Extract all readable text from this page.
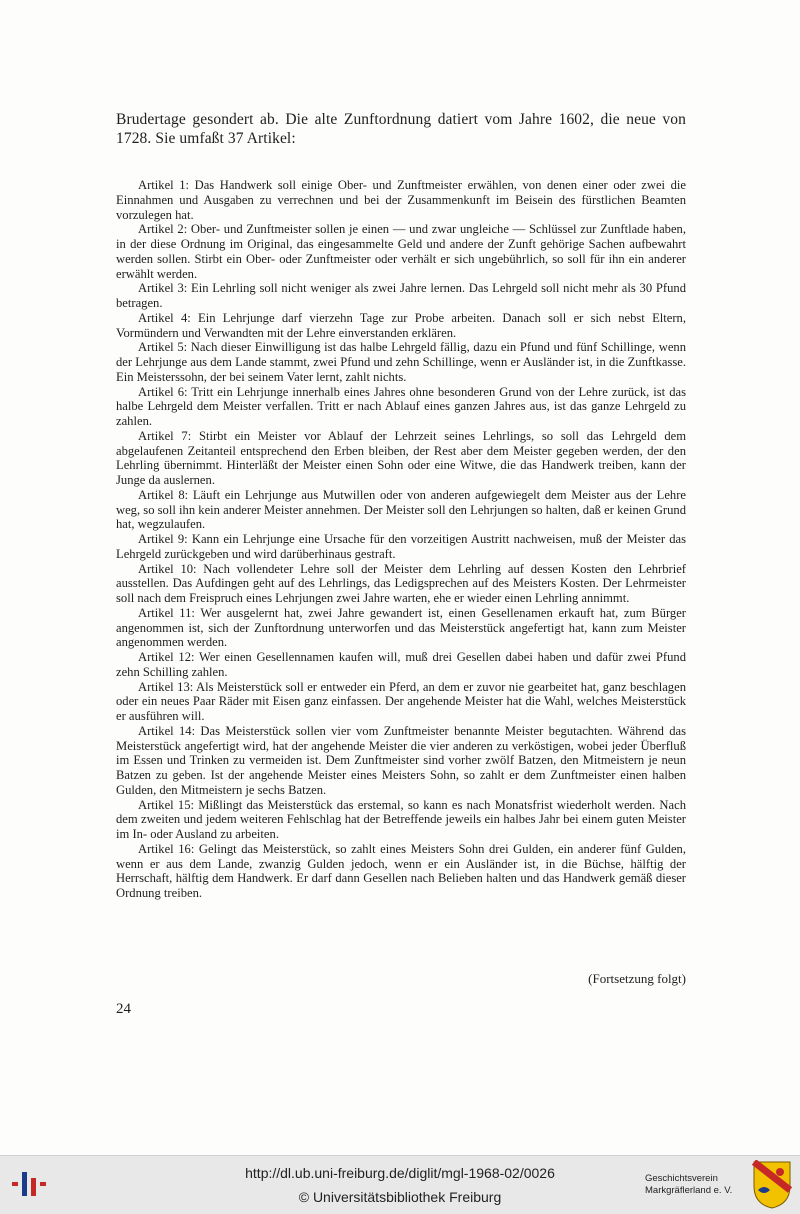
Brudertage gesondert ab. Die alte Zunftordnung datiert vom Jahre 1602, die neue von 1728. Sie umfaßt 37 Artikel:

Artikel 1: Das Handwerk soll einige Ober- und Zunftmeister erwählen, von denen einer oder zwei die Einnahmen und Ausgaben zu verrechnen und bei der Zusammenkunft im Beisein des fürstlichen Beamten vorzulegen hat.

Artikel 2: Ober- und Zunftmeister sollen je einen — und zwar ungleiche — Schlüssel zur Zunftlade haben, in der diese Ordnung im Original, das eingesammelte Geld und andere der Zunft gehörige Sachen aufbewahrt werden sollen. Stirbt ein Ober- oder Zunftmeister oder verhält er sich ungebührlich, so soll für ihn ein anderer erwählt werden.

Artikel 3: Ein Lehrling soll nicht weniger als zwei Jahre lernen. Das Lehrgeld soll nicht mehr als 30 Pfund betragen.

Artikel 4: Ein Lehrjunge darf vierzehn Tage zur Probe arbeiten. Danach soll er sich nebst Eltern, Vormündern und Verwandten mit der Lehre einverstanden erklären.

Artikel 5: Nach dieser Einwilligung ist das halbe Lehrgeld fällig, dazu ein Pfund und fünf Schillinge, wenn der Lehrjunge aus dem Lande stammt, zwei Pfund und zehn Schillinge, wenn er Ausländer ist, in die Zunftkasse. Ein Meisterssohn, der bei seinem Vater lernt, zahlt nichts.

Artikel 6: Tritt ein Lehrjunge innerhalb eines Jahres ohne besonderen Grund von der Lehre zurück, ist das halbe Lehrgeld dem Meister verfallen. Tritt er nach Ablauf eines ganzen Jahres aus, ist das ganze Lehrgeld zu zahlen.

Artikel 7: Stirbt ein Meister vor Ablauf der Lehrzeit seines Lehrlings, so soll das Lehrgeld dem abgelaufenen Zeitanteil entsprechend den Erben bleiben, der Rest aber dem Meister gegeben werden, der den Lehrling übernimmt. Hinterläßt der Meister einen Sohn oder eine Witwe, die das Handwerk treiben, kann der Junge da auslernen.

Artikel 8: Läuft ein Lehrjunge aus Mutwillen oder von anderen aufgewiegelt dem Meister aus der Lehre weg, so soll ihn kein anderer Meister annehmen. Der Meister soll den Lehrjungen so halten, daß er keinen Grund hat, wegzulaufen.

Artikel 9: Kann ein Lehrjunge eine Ursache für den vorzeitigen Austritt nachweisen, muß der Meister das Lehrgeld zurückgeben und wird darüberhinaus gestraft.

Artikel 10: Nach vollendeter Lehre soll der Meister dem Lehrling auf dessen Kosten den Lehrbrief ausstellen. Das Aufdingen geht auf des Lehrlings, das Ledigsprechen auf des Meisters Kosten. Der Lehrmeister soll nach dem Freispruch eines Lehrjungen zwei Jahre warten, ehe er wieder einen Lehrling annimmt.

Artikel 11: Wer ausgelernt hat, zwei Jahre gewandert ist, einen Gesellenamen erkauft hat, zum Bürger angenommen ist, sich der Zunftordnung unterworfen und das Meisterstück angefertigt hat, kann zum Meister angenommen werden.

Artikel 12: Wer einen Gesellennamen kaufen will, muß drei Gesellen dabei haben und dafür zwei Pfund zehn Schilling zahlen.

Artikel 13: Als Meisterstück soll er entweder ein Pferd, an dem er zuvor nie gearbeitet hat, ganz beschlagen oder ein neues Paar Räder mit Eisen ganz einfassen. Der angehende Meister hat die Wahl, welches Meisterstück er ausführen will.

Artikel 14: Das Meisterstück sollen vier vom Zunftmeister benannte Meister begutachten. Während das Meisterstück angefertigt wird, hat der angehende Meister die vier anderen zu verköstigen, wobei jeder Überfluß im Essen und Trinken zu vermeiden ist. Dem Zunftmeister sind vorher zwölf Batzen, den Mitmeistern je neun Batzen zu geben. Ist der angehende Meister eines Meisters Sohn, so zahlt er dem Zunftmeister einen halben Gulden, den Mitmeistern je sechs Batzen.

Artikel 15: Mißlingt das Meisterstück das erstemal, so kann es nach Monatsfrist wiederholt werden. Nach dem zweiten und jedem weiteren Fehlschlag hat der Betreffende jeweils ein halbes Jahr bei einem guten Meister im In- oder Ausland zu arbeiten.

Artikel 16: Gelingt das Meisterstück, so zahlt eines Meisters Sohn drei Gulden, ein anderer fünf Gulden, wenn er aus dem Lande, zwanzig Gulden jedoch, wenn er ein Ausländer ist, in die Büchse, hälftig der Herrschaft, hälftig dem Handwerk. Er darf dann Gesellen nach Belieben halten und das Handwerk gemäß dieser Ordnung treiben.

(Fortsetzung folgt)
24
http://dl.ub.uni-freiburg.de/diglit/mgl-1968-02/0026
© Universitätsbibliothek Freiburg
Geschichtsverein
Markgräflerland e. V.
